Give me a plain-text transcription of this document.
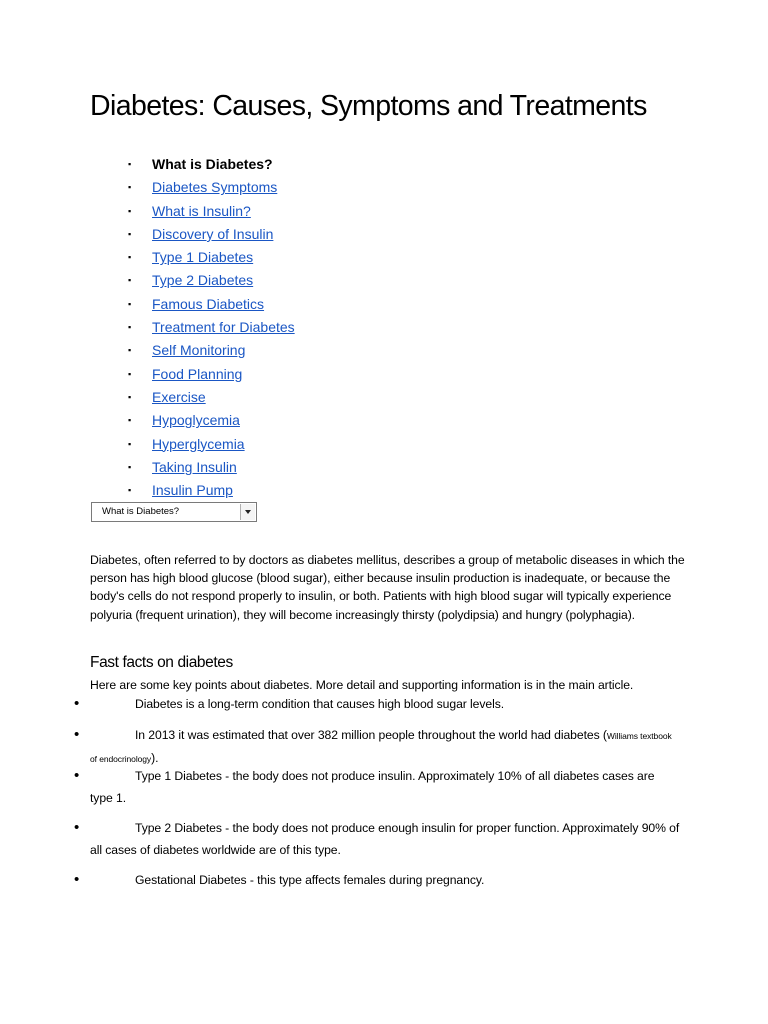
Diabetes: Causes, Symptoms and Treatments
▪ What is Diabetes?
▪ Diabetes Symptoms
▪ What is Insulin?
▪ Discovery of Insulin
▪ Type 1 Diabetes
▪ Type 2 Diabetes
▪ Famous Diabetics
▪ Treatment for Diabetes
▪ Self Monitoring
▪ Food Planning
▪ Exercise
▪ Hypoglycemia
▪ Hyperglycemia
▪ Taking Insulin
▪ Insulin Pump
What is Diabetes?

Diabetes, often referred to by doctors as diabetes mellitus, describes a group of metabolic diseases in which the person has high blood glucose (blood sugar), either because insulin production is inadequate, or because the body's cells do not respond properly to insulin, or both. Patients with high blood sugar will typically experience polyuria (frequent urination), they will become increasingly thirsty (polydipsia) and hungry (polyphagia).

Fast facts on diabetes

Here are some key points about diabetes. More detail and supporting information is in the main article.

•	Diabetes is a long-term condition that causes high blood sugar levels.
•	In 2013 it was estimated that over 382 million people throughout the world had diabetes (Williams textbook of endocrinology).
•	Type 1 Diabetes - the body does not produce insulin. Approximately 10% of all diabetes cases are type 1.
•	Type 2 Diabetes - the body does not produce enough insulin for proper function. Approximately 90% of all cases of diabetes worldwide are of this type.
•	Gestational Diabetes - this type affects females during pregnancy.
